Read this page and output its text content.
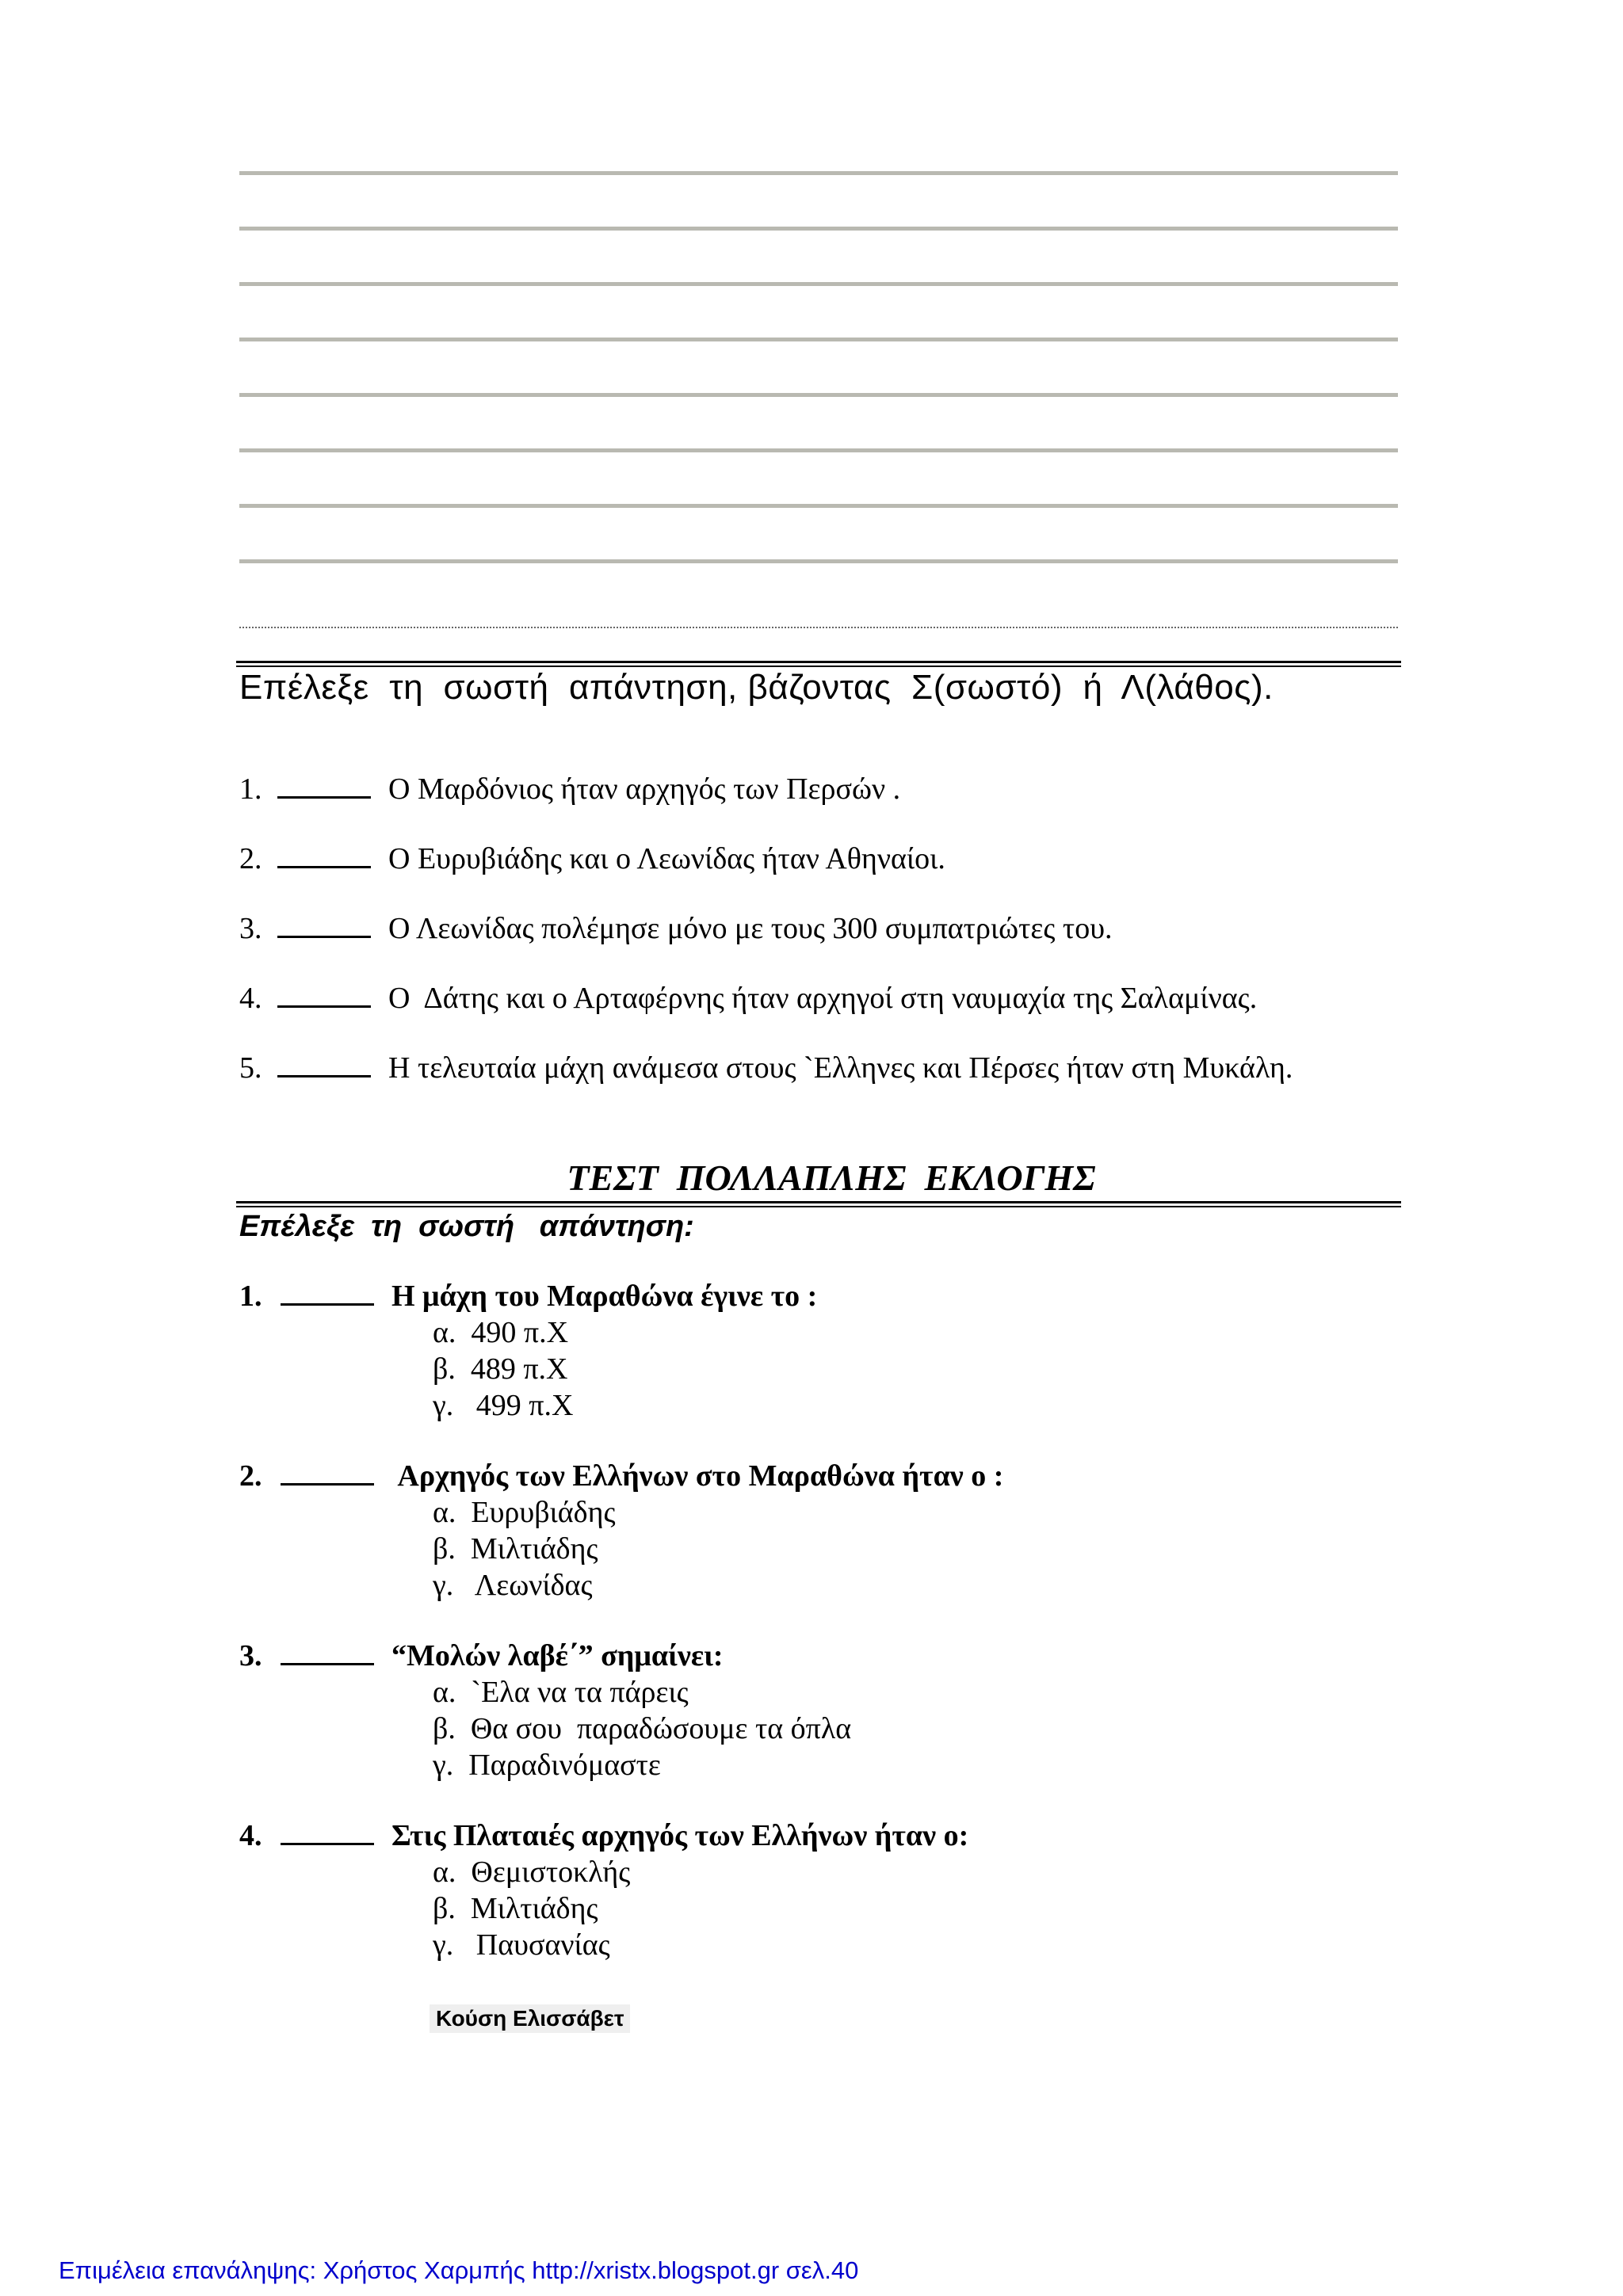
Επέλεξε  τη  σωστή  απάντηση, βάζοντας  Σ(σωστό)  ή  Λ(λάθος).
1.	Ο Μαρδόνιος ήταν αρχηγός των Περσών .
2.	Ο Ευρυβιάδης και ο Λεωνίδας ήταν Αθηναίοι.
3.	Ο Λεωνίδας πολέμησε μόνο με τους 300 συμπατριώτες του.
4.	Ο  Δάτης και ο Αρταφέρνης ήταν αρχηγοί στη ναυμαχία της Σαλαμίνας.
5.	Η τελευταία μάχη ανάμεσα στους `Ελληνες και Πέρσες ήταν στη Μυκάλη.
ΤΕΣΤ  ΠΟΛΛΑΠΛΗΣ  ΕΚΛΟΓΗΣ
Επέλεξε  τη  σωστή   απάντηση:
1.	Η μάχη του Μαραθώνα έγινε το :
α.  490 π.Χ
β.  489 π.Χ
γ.   499 π.Χ
2.	Αρχηγός των Ελλήνων στο Μαραθώνα ήταν ο :
α.  Ευρυβιάδης
β.  Μιλτιάδης
γ.   Λεωνίδας
3.	“Μολών λαβέ΄” σημαίνει:
α.  `Ελα να τα πάρεις
β.  Θα σου  παραδώσουμε τα όπλα
γ.  Παραδινόμαστε
4.	Στις Πλαταιές αρχηγός των Ελλήνων ήταν ο:
α.  Θεμιστοκλής
β.  Μιλτιάδης
γ.   Παυσανίας
Κούση Ελισσάβετ
Επιμέλεια επανάληψης: Χρήστος Χαρμπής http://xristx.blogspot.gr σελ.40
